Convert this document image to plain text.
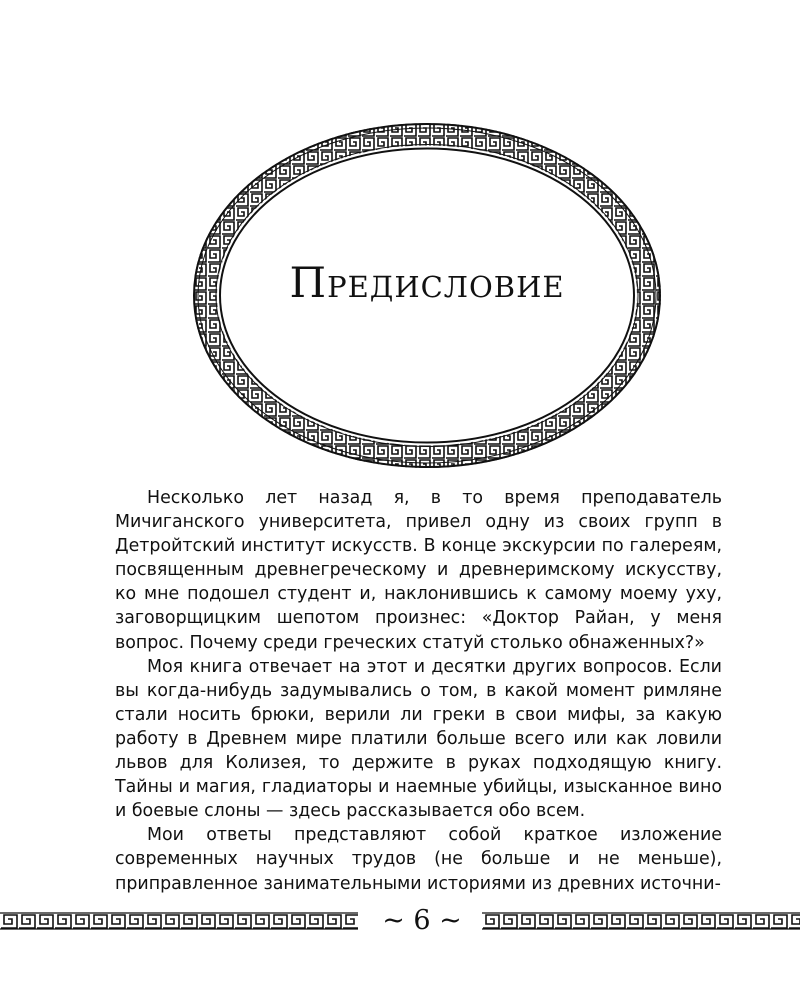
Предисловие

Несколько лет назад я, в то время преподаватель Мичиганского университета, привел одну из своих групп в Детройтский институт искусств. В конце экскурсии по галереям, посвященным древнегреческому и древнеримскому искусству, ко мне подошел студент и, наклонившись к самому моему уху, заговорщицким шепотом произнес: «Доктор Райан, у меня вопрос. Почему среди греческих статуй столько обнаженных?»

Моя книга отвечает на этот и десятки других вопросов. Если вы когда-нибудь задумывались о том, в какой момент римляне стали носить брюки, верили ли греки в свои мифы, за какую работу в Древнем мире платили больше всего или как ловили львов для Колизея, то держите в руках подходящую книгу. Тайны и магия, гладиаторы и наемные убийцы, изысканное вино и боевые слоны — здесь рассказывается обо всем.

Мои ответы представляют собой краткое изложение современных научных трудов (не больше и не меньше), приправленное занимательными историями из древних источни-

~ 6 ~
